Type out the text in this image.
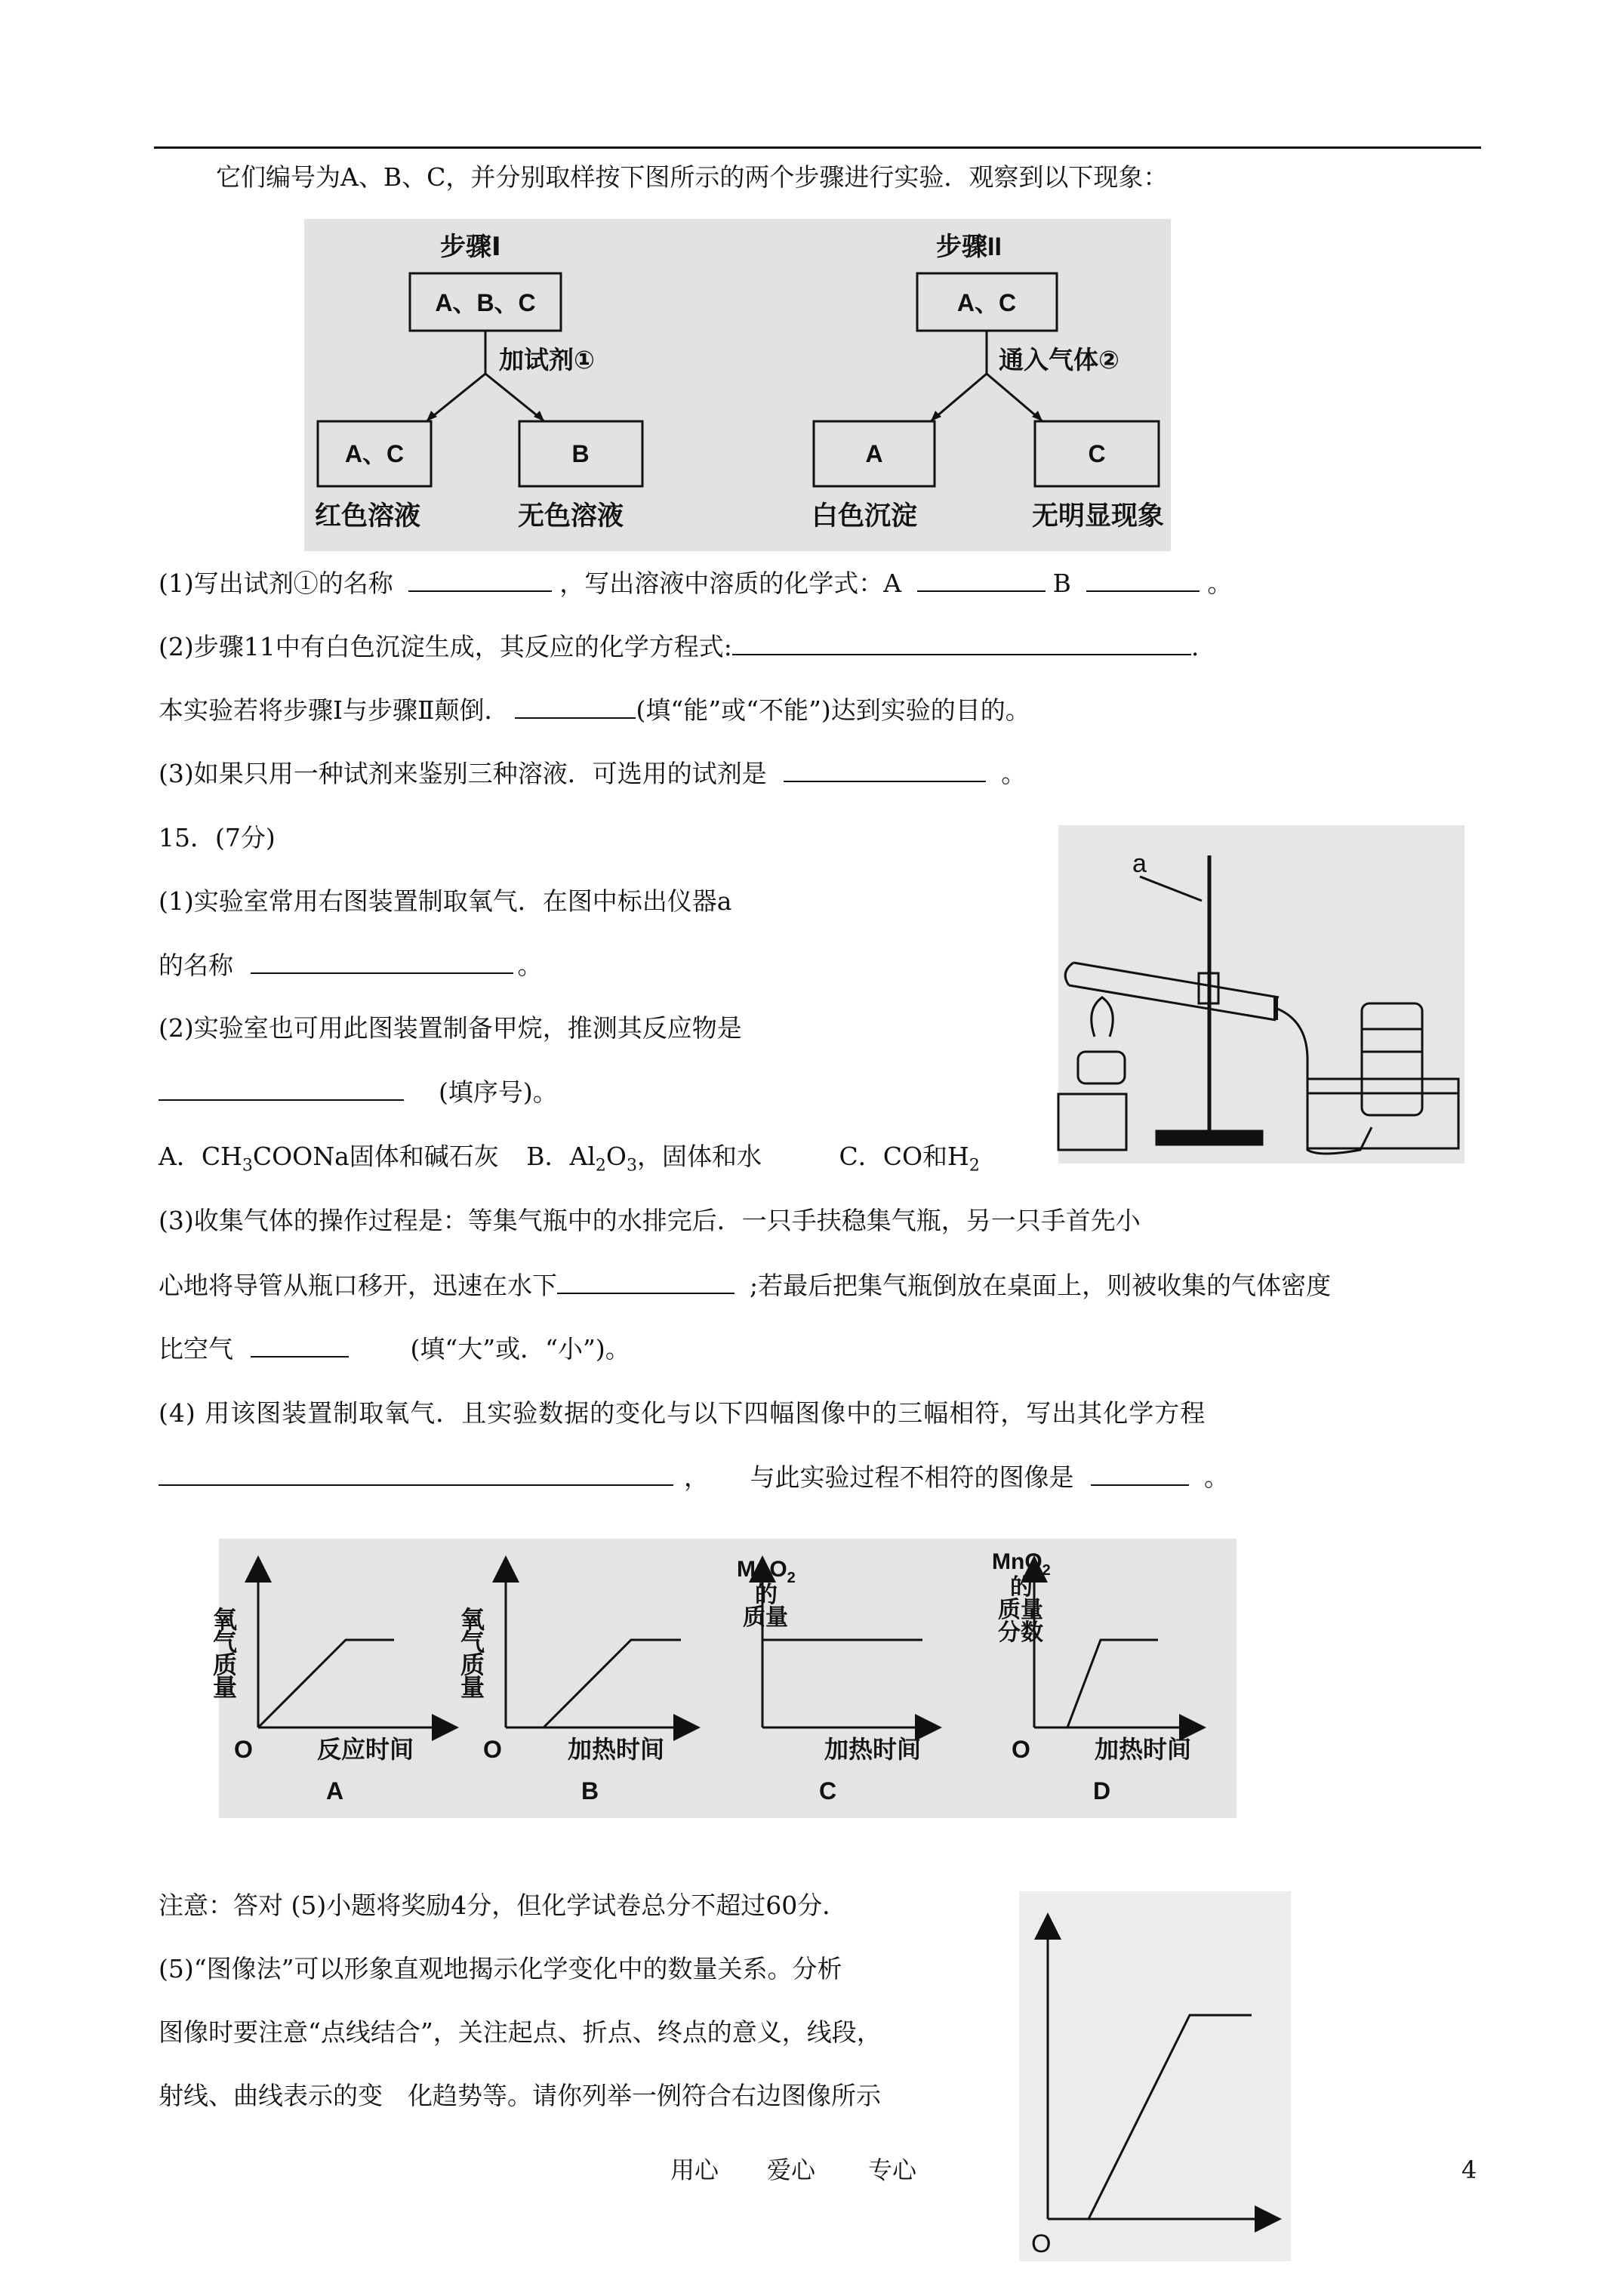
它们编号为A、B、C，并分别取样按下图所示的两个步骤进行实验．观察到以下现象：
步骤Ⅰ
A、B、C
加试剂①
A、C	B
红色溶液	无色溶液
步骤II
A、C
通入气体②
A	C
白色沉淀	无明显现象
(1)写出试剂①的名称	，写出溶液中溶质的化学式：A	B	。
(2)步骤11中有白色沉淀生成，其反应的化学方程式:	.
本实验若将步骤Ⅰ与步骤Ⅱ颠倒．	(填“能”或“不能”)达到实验的目的。
(3)如果只用一种试剂来鉴别三种溶液．可选用的试剂是	。
15．(7分)
(1)实验室常用右图装置制取氧气．在图中标出仪器a
的名称	。
(2)实验室也可用此图装置制备甲烷，推测其反应物是
(填序号)。
A．$CH_3COONa$固体和碱石灰 B．$Al_2O_3$，固体和水	C．CO和$H_2$
a
(3)收集气体的操作过程是：等集气瓶中的水排完后．一只手扶稳集气瓶，另一只手首先小
心地将导管从瓶口移开，迅速在水下	;若最后把集气瓶倒放在桌面上，则被收集的气体密度
比空气	(填“大”或．“小”)。
(4) 用该图装置制取氧气．且实验数据的变化与以下四幅图像中的三幅相符，写出其化学方程
， 与此实验过程不相符的图像是	。
氧气质量
O	反应时间
A
氧气质量
O	加热时间
B
MnO$_2$
的
质量
加热时间
C
MnO$_2$
的
质量
分数
O	加热时间
D
注意：答对 (5)小题将奖励4分，但化学试卷总分不超过60分．
(5)“图像法”可以形象直观地揭示化学变化中的数量关系。分析
图像时要注意“点线结合”，关注起点、折点、终点的意义，线段，
射线、曲线表示的变　化趋势等。请你列举一例符合右边图像所示
O
用心 爱心 专心	4
